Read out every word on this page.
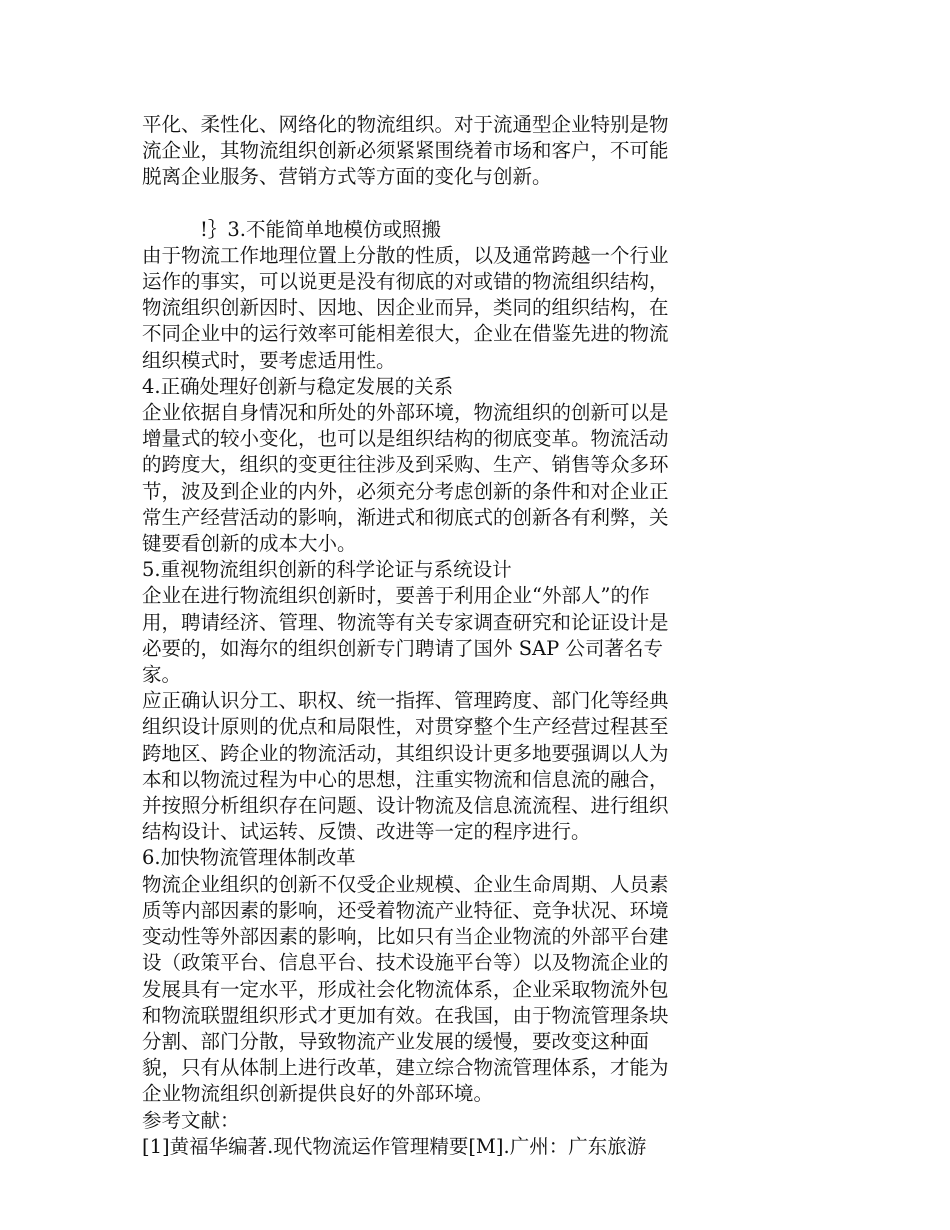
平化、柔性化、网络化的物流组织。对于流通型企业特别是物
流企业，其物流组织创新必须紧紧围绕着市场和客户，不可能
脱离企业服务、营销方式等方面的变化与创新。
!｝3.不能简单地模仿或照搬
由于物流工作地理位置上分散的性质，以及通常跨越一个行业
运作的事实，可以说更是没有彻底的对或错的物流组织结构，
物流组织创新因时、因地、因企业而异，类同的组织结构，在
不同企业中的运行效率可能相差很大，企业在借鉴先进的物流
组织模式时，要考虑适用性。
4.正确处理好创新与稳定发展的关系
企业依据自身情况和所处的外部环境，物流组织的创新可以是
增量式的较小变化，也可以是组织结构的彻底变革。物流活动
的跨度大，组织的变更往往涉及到采购、生产、销售等众多环
节，波及到企业的内外，必须充分考虑创新的条件和对企业正
常生产经营活动的影响，渐进式和彻底式的创新各有利弊，关
键要看创新的成本大小。
5.重视物流组织创新的科学论证与系统设计
企业在进行物流组织创新时，要善于利用企业“外部人”的作
用，聘请经济、管理、物流等有关专家调查研究和论证设计是
必要的，如海尔的组织创新专门聘请了国外 SAP 公司著名专
家。
应正确认识分工、职权、统一指挥、管理跨度、部门化等经典
组织设计原则的优点和局限性，对贯穿整个生产经营过程甚至
跨地区、跨企业的物流活动，其组织设计更多地要强调以人为
本和以物流过程为中心的思想，注重实物流和信息流的融合，
并按照分析组织存在问题、设计物流及信息流流程、进行组织
结构设计、试运转、反馈、改进等一定的程序进行。
6.加快物流管理体制改革
物流企业组织的创新不仅受企业规模、企业生命周期、人员素
质等内部因素的影响，还受着物流产业特征、竞争状况、环境
变动性等外部因素的影响，比如只有当企业物流的外部平台建
设（政策平台、信息平台、技术设施平台等）以及物流企业的
发展具有一定水平，形成社会化物流体系，企业采取物流外包
和物流联盟组织形式才更加有效。在我国，由于物流管理条块
分割、部门分散，导致物流产业发展的缓慢，要改变这种面
貌，只有从体制上进行改革，建立综合物流管理体系，才能为
企业物流组织创新提供良好的外部环境。
参考文献：
[1]黄福华编著.现代物流运作管理精要[M].广州：广东旅游
